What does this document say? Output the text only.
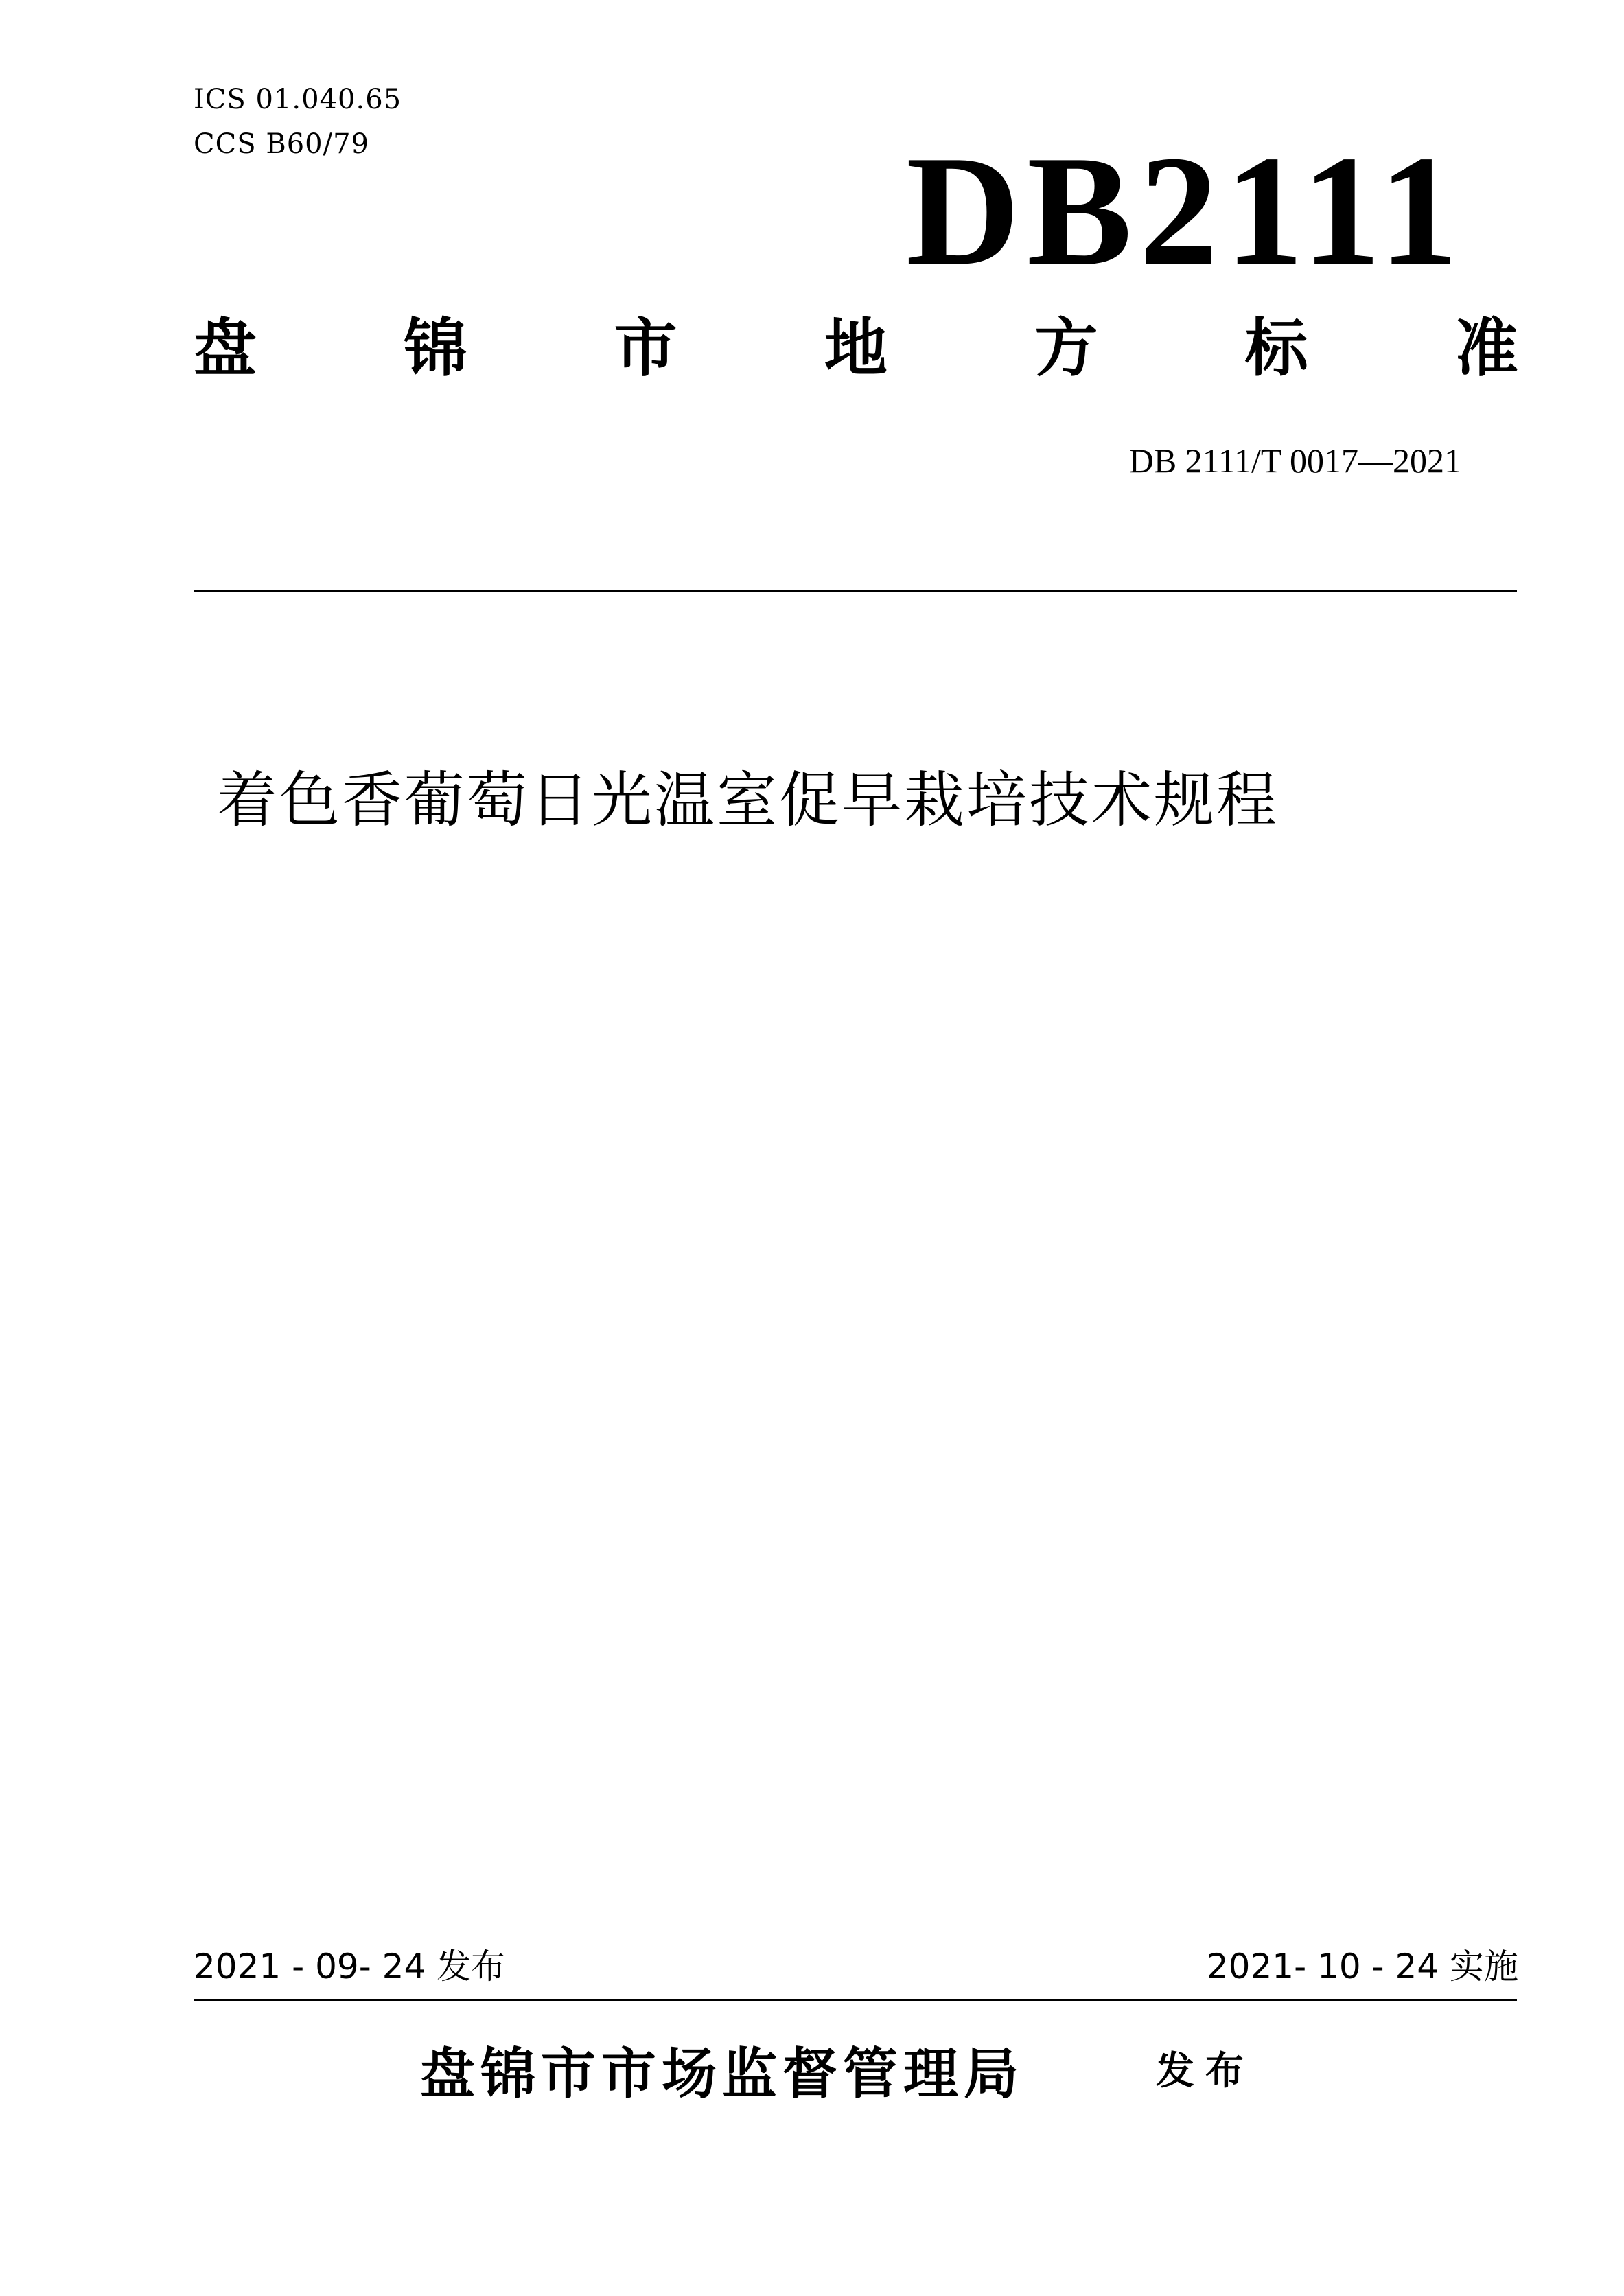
ICS 01.040.65
CCS B60/79	DB2111
盘 锦 市 地 方 标 准
DB 2111/T 0017—2021
着色香葡萄日光温室促早栽培技术规程
2021 - 09- 24 发布	2021- 10 - 24 实施
盘锦市市场监督管理局	发布
